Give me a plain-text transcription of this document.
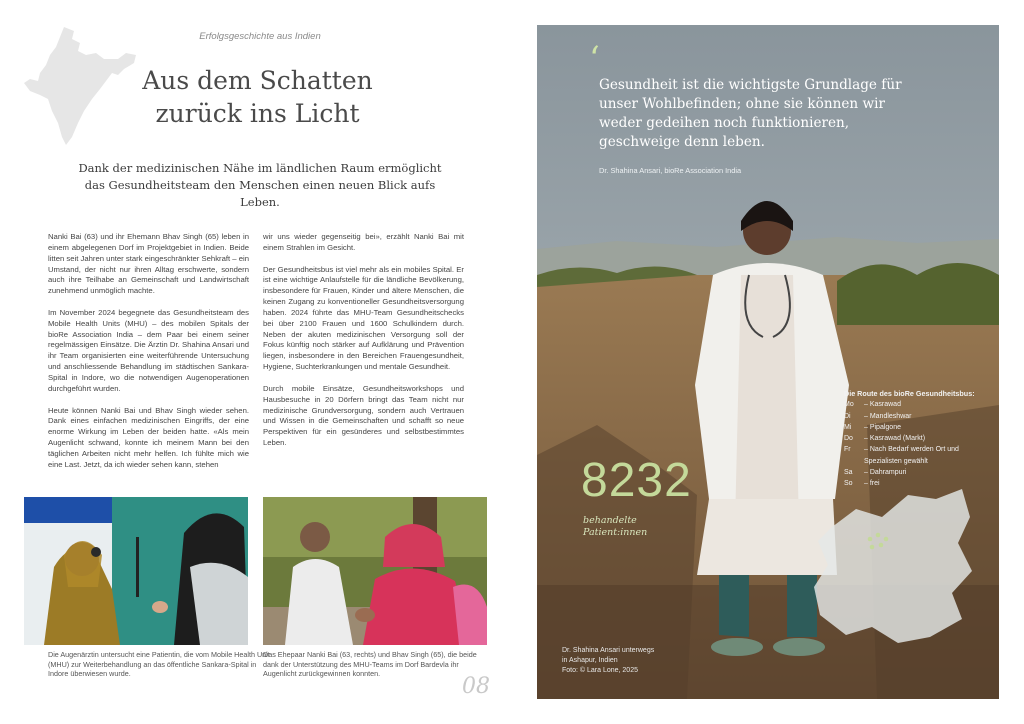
Erfolgsgeschichte aus Indien
Aus dem Schatten
zurück ins Licht

Dank der medizinischen Nähe im ländlichen Raum ermöglicht das Gesundheitsteam den Menschen einen neuen Blick aufs Leben.

Nanki Bai (63) und ihr Ehemann Bhav Singh (65) leben in einem abgelegenen Dorf im Projektgebiet in Indien. Beide litten seit Jahren unter stark eingeschränkter Sehkraft – ein Umstand, der nicht nur ihren Alltag erschwerte, sondern auch ihre Teilhabe an Gemeinschaft und Landwirtschaft zunehmend unmöglich machte.

Im November 2024 begegnete das Gesundheitsteam des Mobile Health Units (MHU) – des mobilen Spitals der bioRe Association India – dem Paar bei einem seiner regelmässigen Einsätze. Die Ärztin Dr. Shahina Ansari und ihr Team organisierten eine weiterführende Untersuchung und anschliessende Behandlung im städtischen Sankara-Spital in Indore, wo die notwendigen Augenoperationen durchgeführt wurden.

Heute können Nanki Bai und Bhav Singh wieder sehen. Dank eines einfachen medizinischen Eingriffs, der eine enorme Wirkung im Leben der beiden hatte. «Als mein Augenlicht schwand, konnte ich meinem Mann bei den täglichen Arbeiten nicht mehr helfen. Ich fühlte mich wie eine Last. Jetzt, da ich wieder sehen kann, stehen

wir uns wieder gegenseitig bei», erzählt Nanki Bai mit einem Strahlen im Gesicht.

Der Gesundheitsbus ist viel mehr als ein mobiles Spital. Er ist eine wichtige Anlaufstelle für die ländliche Bevölkerung, insbesondere für Frauen, Kinder und ältere Menschen, die keinen Zugang zu konventioneller Gesundheitsversorgung haben. 2024 führte das MHU-Team Gesundheitschecks bei über 2100 Frauen und 1600 Schulkindern durch. Neben der akuten medizinischen Versorgung soll der Fokus künftig noch stärker auf Aufklärung und Prävention liegen, insbesondere in den Bereichen Frauengesundheit, Hygiene, Suchterkrankungen und mentale Gesundheit.

Durch mobile Einsätze, Gesundheitsworkshops und Hausbesuche in 20 Dörfern bringt das Team nicht nur medizinische Grundversorgung, sondern auch Vertrauen und Wissen in die Gemeinschaften und schafft so neue Perspektiven für ein gesünderes und selbstbestimmtes Leben.

Die Augenärztin untersucht eine Patientin, die vom Mobile Health Unit (MHU) zur Weiterbehandlung an das öffentliche Sankara-Spital in Indore überwiesen wurde.

Das Ehepaar Nanki Bai (63, rechts) und Bhav Singh (65), die beide dank der Unterstützung des MHU-Teams im Dorf Bardevla ihr Augenlicht zurückgewinnen konnten.

08
‘

Gesundheit ist die wichtigste Grundlage für unser Wohlbefinden; ohne sie können wir weder gedeihen noch funktionieren, geschweige denn leben.

Dr. Shahina Ansari, bioRe Association India

8232
behandelte
Patient:innen
Die Route des bioRe Gesundheitsbus:
Mo	– Kasrawad
Di	– Mandleshwar
Mi	– Pipalgone
Do	– Kasrawad (Markt)
Fr	– Nach Bedarf werden Ort und Spezialisten gewählt
Sa	– Dahrampuri
So	– frei
Dr. Shahina Ansari unterwegs
in Ashapur, Indien
Foto: © Lara Lone, 2025
